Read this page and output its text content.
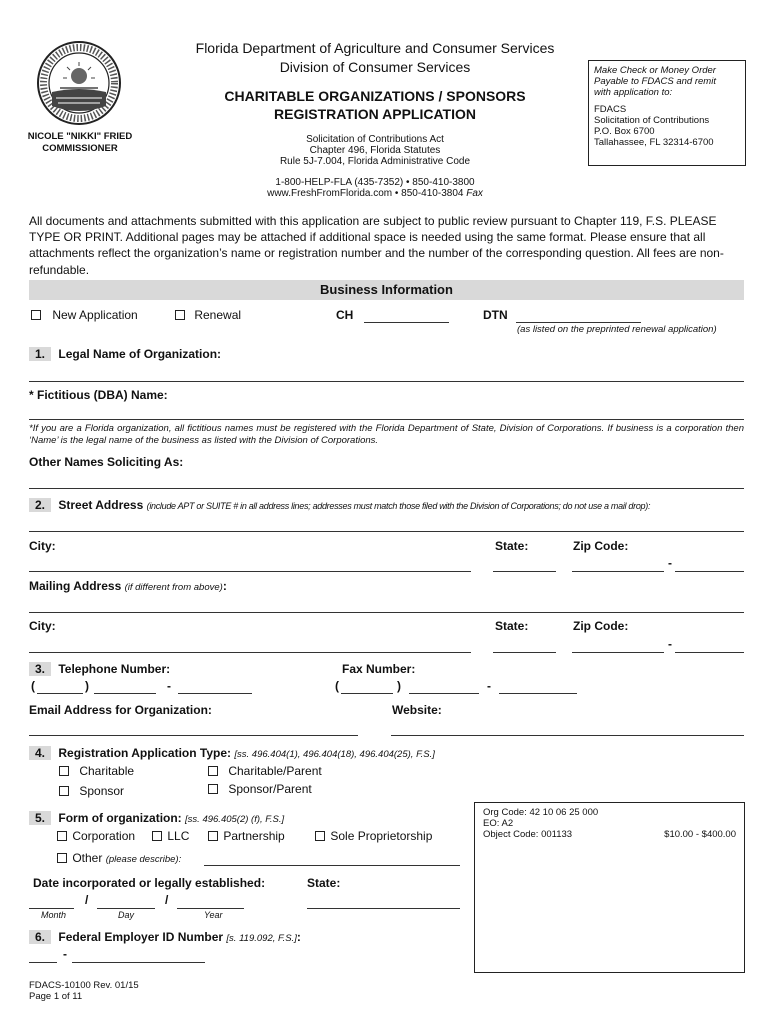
NICOLE "NIKKI" FRIED
COMMISSIONER
Florida Department of Agriculture and Consumer Services
Division of Consumer Services
CHARITABLE ORGANIZATIONS / SPONSORS
REGISTRATION APPLICATION
Solicitation of Contributions Act
Chapter 496, Florida Statutes
Rule 5J-7.004, Florida Administrative Code
1-800-HELP-FLA (435-7352) • 850-410-3800
www.FreshFromFlorida.com • 850-410-3804 Fax
Make Check or Money Order
Payable to FDACS and remit
with application to:
FDACS
Solicitation of Contributions
P.O. Box 6700
Tallahassee, FL 32314-6700
All documents and attachments submitted with this application are subject to public review pursuant to Chapter 119, F.S. PLEASE TYPE OR PRINT. Additional pages may be attached if additional space is needed using the same format. Please ensure that all attachments reflect the organization’s name or registration number and the number of the corresponding question. All fees are non-refundable.
Business Information
New Application	Renewal	CH	DTN
(as listed on the preprinted renewal application)
1. Legal Name of Organization:
* Fictitious (DBA) Name:
*If you are a Florida organization, all fictitious names must be registered with the Florida Department of State, Division of Corporations. If business is a corporation then ‘Name’ is the legal name of the business as listed with the Division of Corporations.
Other Names Soliciting As:
2. Street Address (include APT or SUITE # in all address lines; addresses must match those filed with the Division of Corporations; do not use a mail drop):
City:	State:	Zip Code:
-
Mailing Address (if different from above):
City:	State:	Zip Code:
-
3. Telephone Number:	Fax Number:
(	)	-	(	)	-
Email Address for Organization:	Website:
4. Registration Application Type: [ss. 496.404(1), 496.404(18), 496.404(25), F.S.]
Charitable	Charitable/Parent
Sponsor	Sponsor/Parent
5. Form of organization: [ss. 496.405(2) (f), F.S.]
Corporation	LLC	Partnership	Sole Proprietorship
Other (please describe):
Date incorporated or legally established:	State:
/	/
Month	Day	Year
6. Federal Employer ID Number [s. 119.092, F.S.]:
-
Org Code: 42 10 06 25 000
EO: A2
Object Code: 001133	$10.00 - $400.00
FDACS-10100 Rev. 01/15
Page 1 of 11
